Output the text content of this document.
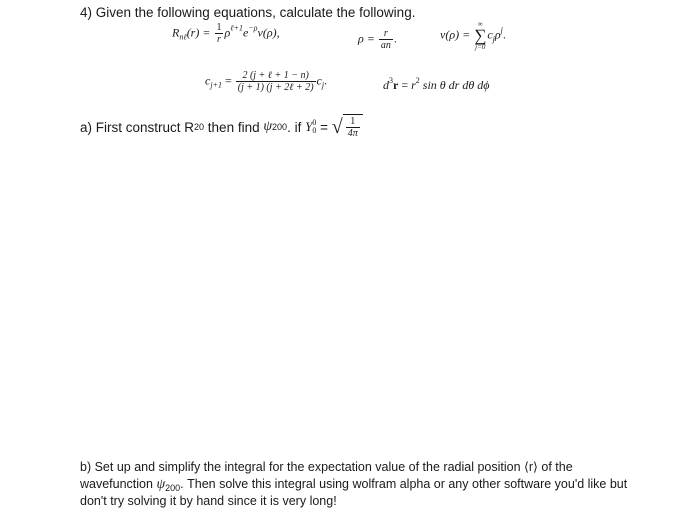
4) Given the following equations, calculate the following.
$R_{n\ell}(r) = \frac{1}{r} \rho^{\ell+1}e^{-\rho}v(\rho)$,	$\rho = \frac{r}{an}$ .	v(ρ) =
∞
∑
j=0
$c_j\rho^j$.
$c_{j+1} = \frac{\text{2 (j + ℓ + 1 − n)}}{\text{(j + 1) (j + 2ℓ + 2)}} c_j$.	$d^3r = r^2$ sin θ dr dθ dϕ
a) First construct R 20 then find ψ 200 . if Y 0
0 = √ $\frac{1}{4\pi}$
b) Set up and simplify the integral for the expectation value of the radial position ⟨r⟩ of the wavefunction $\psi_{200}$. Then solve this integral using wolfram alpha or any other software you'd like but don't try solving it by hand since it is very long!
